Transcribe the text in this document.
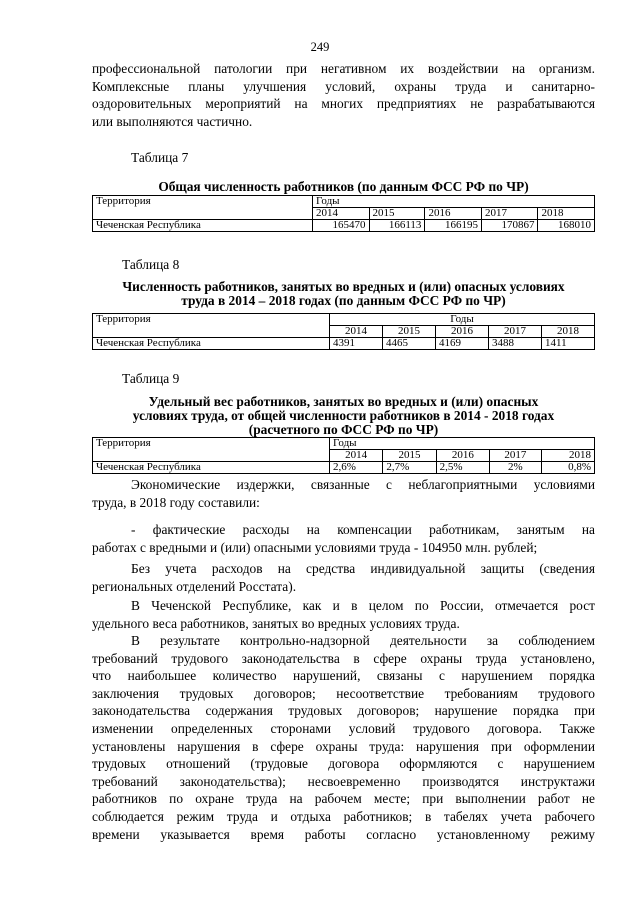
249
профессиональной патологии при негативном их воздействии на организм.
Комплексные планы улучшения условий, охраны труда и санитарно-
оздоровительных мероприятий на многих предприятиях не разрабатываются
или выполняются частично.
Таблица 7
Общая численность работников (по данным ФСС РФ по ЧР)
Территория	Годы				
	2014	2015	2016	2017	2018
Чеченская Республика	165470	166113	166195	170867	168010
Таблица 8
Численность работников, занятых во вредных и (или) опасных условиях
труда в 2014 – 2018 годах (по данным ФСС РФ по ЧР)
Территория	Годы				
	2014	2015	2016	2017	2018
Чеченская Республика	4391	4465	4169	3488	1411
Таблица 9
Удельный вес работников, занятых во вредных и (или) опасных
условиях труда, от общей численности работников в 2014 - 2018 годах
(расчетного по ФСС РФ по ЧР)
Территория	Годы				
	2014	2015	2016	2017	2018
Чеченская Республика	2,6%	2,7%	2,5%	2%	0,8%
Экономические издержки, связанные с неблагоприятными условиями
труда, в 2018 году составили:
- фактические расходы на компенсации работникам, занятым на
работах с вредными и (или) опасными условиями труда - 104950 млн. рублей;
Без учета расходов на средства индивидуальной защиты (сведения
региональных отделений Росстата).
В Чеченской Республике, как и в целом по России, отмечается рост
удельного веса работников, занятых во вредных условиях труда.
В результате контрольно-надзорной деятельности за соблюдением
требований трудового законодательства в сфере охраны труда установлено,
что наибольшее количество нарушений, связаны с нарушением порядка
заключения трудовых договоров; несоответствие требованиям трудового
законодательства содержания трудовых договоров; нарушение порядка при
изменении определенных сторонами условий трудового договора. Также
установлены нарушения в сфере охраны труда: нарушения при оформлении
трудовых отношений (трудовые договора оформляются с нарушением
требований законодательства); несвоевременно производятся инструктажи
работников по охране труда на рабочем месте; при выполнении работ не
соблюдается режим труда и отдыха работников; в табелях учета рабочего
времени указывается время работы согласно установленному режиму
